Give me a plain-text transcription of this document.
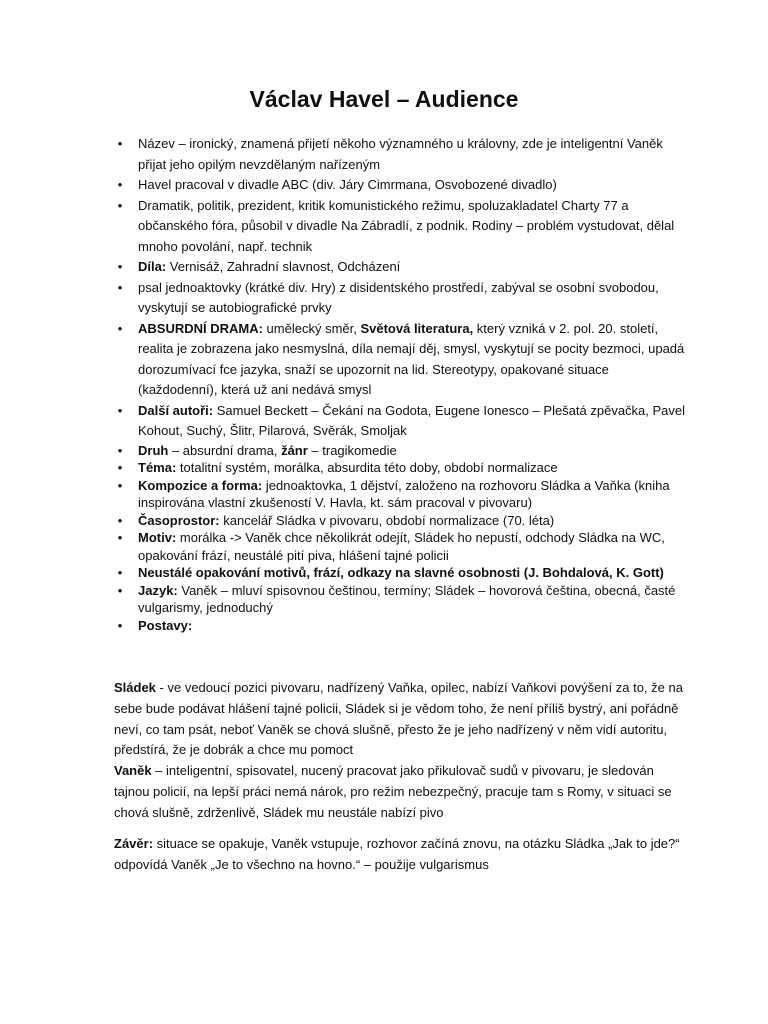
Václav Havel – Audience
•
Název – ironický, znamená přijetí někoho významného u královny, zde je inteligentní Vaněk přijat jeho opilým nevzdělaným nařízeným
•
Havel pracoval v divadle ABC (div. Járy Cimrmana, Osvobozené divadlo)
•
Dramatik, politik, prezident, kritik komunistického režimu, spoluzakladatel Charty 77 a občanského fóra, působil v divadle Na Zábradlí, z podnik. Rodiny – problém vystudovat, dělal mnoho povolání, např. technik
•
Díla: Vernisáž, Zahradní slavnost, Odcházení
•
psal jednoaktovky (krátké div. Hry) z disidentského prostředí, zabýval se osobní svobodou, vyskytují se autobiografické prvky
•
ABSURDNÍ DRAMA: umělecký směr, Světová literatura, který vzniká v 2. pol. 20. století, realita je zobrazena jako nesmyslná, díla nemají děj, smysl, vyskytují se pocity bezmoci, upadá dorozumívací fce jazyka, snaží se upozornit na lid. Stereotypy, opakované situace (každodenní), která už ani nedává smysl
•
Další autoři: Samuel Beckett – Čekání na Godota, Eugene Ionesco – Plešatá zpěvačka, Pavel Kohout, Suchý, Šlitr, Pilarová, Svěrák, Smoljak
•
Druh – absurdní drama, žánr – tragikomedie
•
Téma: totalitní systém, morálka, absurdita této doby, období normalizace
•
Kompozice a forma: jednoaktovka, 1 dějství, založeno na rozhovoru Sládka a Vaňka (kniha inspirována vlastní zkušeností V. Havla, kt. sám pracoval v pivovaru)
•
Časoprostor: kancelář Sládka v pivovaru, období normalizace (70. léta)
•
Motiv: morálka -> Vaněk chce několikrát odejít, Sládek ho nepustí, odchody Sládka na WC, opakování frází, neustálé pití piva, hlášení tajné policii
•
Neustálé opakování motivů, frází, odkazy na slavné osobnosti (J. Bohdalová, K. Gott)
•
Jazyk: Vaněk – mluví spisovnou češtinou, termíny; Sládek – hovorová čeština, obecná, časté vulgarismy, jednoduchý
•
Postavy:

Sládek - ve vedoucí pozici pivovaru, nadřízený Vaňka, opilec, nabízí Vaňkovi povýšení za to, že na sebe bude podávat hlášení tajné policii, Sládek si je vědom toho, že není příliš bystrý, ani pořádně neví, co tam psát, neboť Vaněk se chová slušně, přesto že je jeho nadřízený v něm vidí autoritu, předstírá, že je dobrák a chce mu pomoct
Vaněk – inteligentní, spisovatel, nucený pracovat jako přikulovač sudů v pivovaru, je sledován tajnou policií, na lepší práci nemá nárok, pro režim nebezpečný, pracuje tam s Romy, v situaci se chová slušně, zdrženlivě, Sládek mu neustále nabízí pivo

Závěr: situace se opakuje, Vaněk vstupuje, rozhovor začíná znovu, na otázku Sládka „Jak to jde?“ odpovídá Vaněk „Je to všechno na hovno.“ – použije vulgarismus
